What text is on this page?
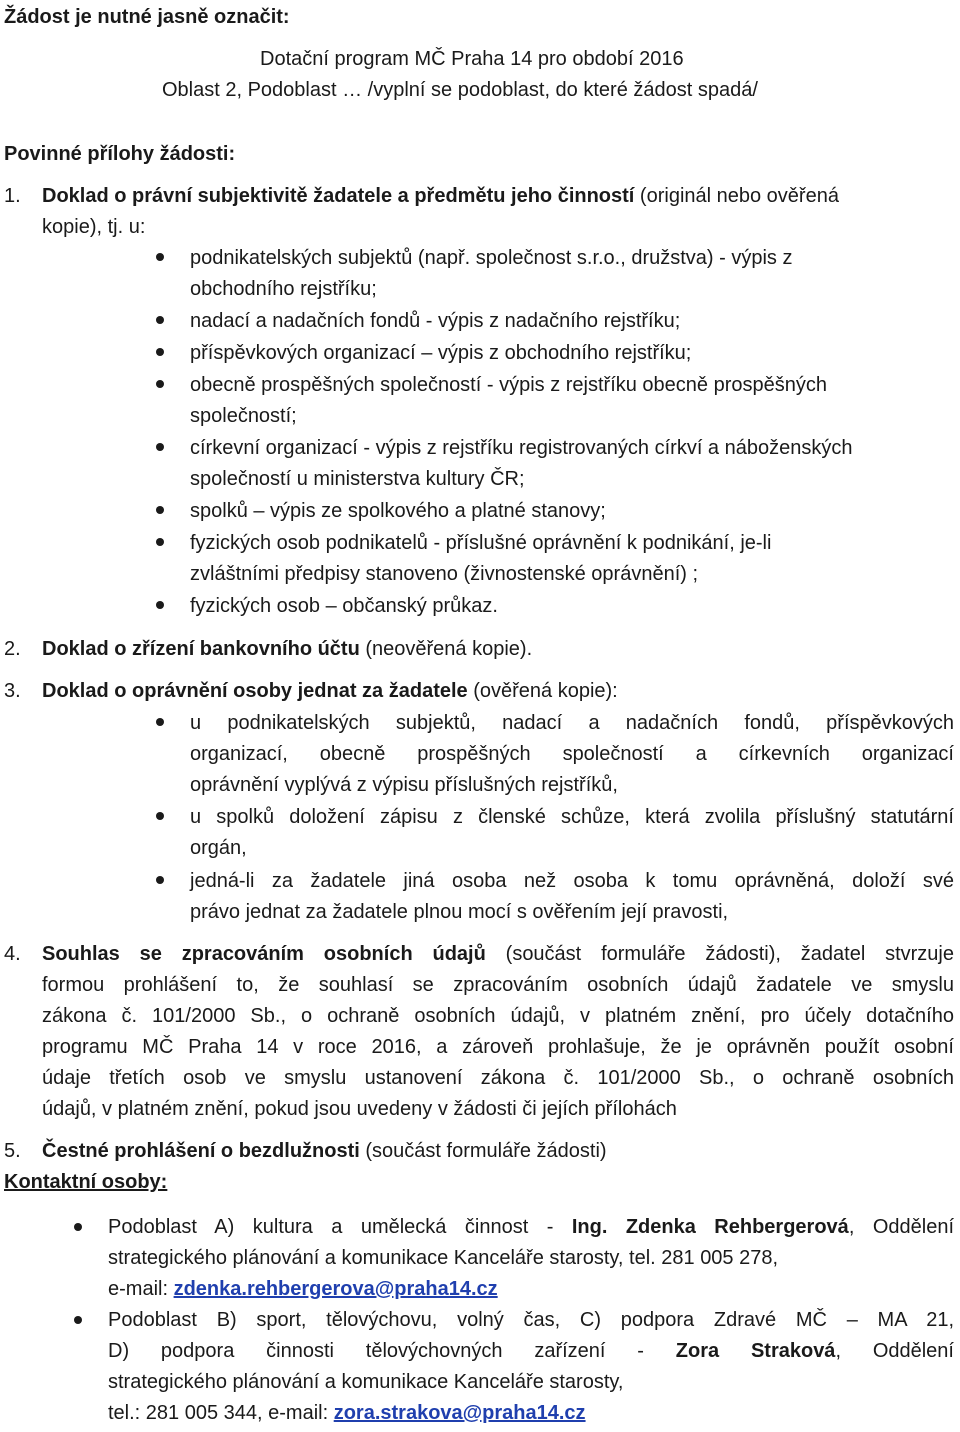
Žádost je nutné jasně označit:
Dotační program MČ Praha 14 pro období 2016
Oblast 2, Podoblast … /vyplní se podoblast, do které žádost spadá/
Povinné přílohy žádosti:
1. Doklad o právní subjektivitě žadatele a předmětu jeho činností (originál nebo ověřená
kopie), tj. u:
podnikatelských subjektů (např. společnost s.r.o., družstva) - výpis z
obchodního rejstříku;
nadací a nadačních fondů - výpis z nadačního rejstříku;
příspěvkových organizací – výpis z obchodního rejstříku;
obecně prospěšných společností - výpis z rejstříku obecně prospěšných
společností;
církevní organizací - výpis z rejstříku registrovaných církví a náboženských
společností u ministerstva kultury ČR;
spolků – výpis ze spolkového a platné stanovy;
fyzických osob podnikatelů - příslušné oprávnění k podnikání, je-li
zvláštními předpisy stanoveno (živnostenské oprávnění) ;
fyzických osob – občanský průkaz.
2. Doklad o zřízení bankovního účtu (neověřená kopie).
3. Doklad o oprávnění osoby jednat za žadatele (ověřená kopie):
u podnikatelských subjektů, nadací a nadačních fondů, příspěvkových
organizací, obecně prospěšných společností a církevních organizací
oprávnění vyplývá z výpisu příslušných rejstříků,
u spolků doložení zápisu z členské schůze, která zvolila příslušný statutární
orgán,
jedná-li za žadatele jiná osoba než osoba k tomu oprávněná, doloží své
právo jednat za žadatele plnou mocí s ověřením její pravosti,
4. Souhlas se zpracováním osobních údajů (součást formuláře žádosti), žadatel stvrzuje
formou prohlášení to, že souhlasí se zpracováním osobních údajů žadatele ve smyslu
zákona č. 101/2000 Sb., o ochraně osobních údajů, v platném znění, pro účely dotačního
programu MČ Praha 14 v roce 2016, a zároveň prohlašuje, že je oprávněn použít osobní
údaje třetích osob ve smyslu ustanovení zákona č. 101/2000 Sb., o ochraně osobních
údajů, v platném znění, pokud jsou uvedeny v žádosti či jejích přílohách
5. Čestné prohlášení o bezdlužnosti (součást formuláře žádosti)
Kontaktní osoby:
Podoblast A) kultura a umělecká činnost - Ing. Zdenka Rehbergerová, Oddělení
strategického plánování a komunikace Kanceláře starosty, tel. 281 005 278,
e-mail: zdenka.rehbergerova@praha14.cz
Podoblast B) sport, tělovýchovu, volný čas, C) podpora Zdravé MČ – MA 21,
D) podpora činnosti tělovýchovných zařízení - Zora Straková, Oddělení
strategického plánování a komunikace Kanceláře starosty,
tel.: 281 005 344, e-mail: zora.strakova@praha14.cz
